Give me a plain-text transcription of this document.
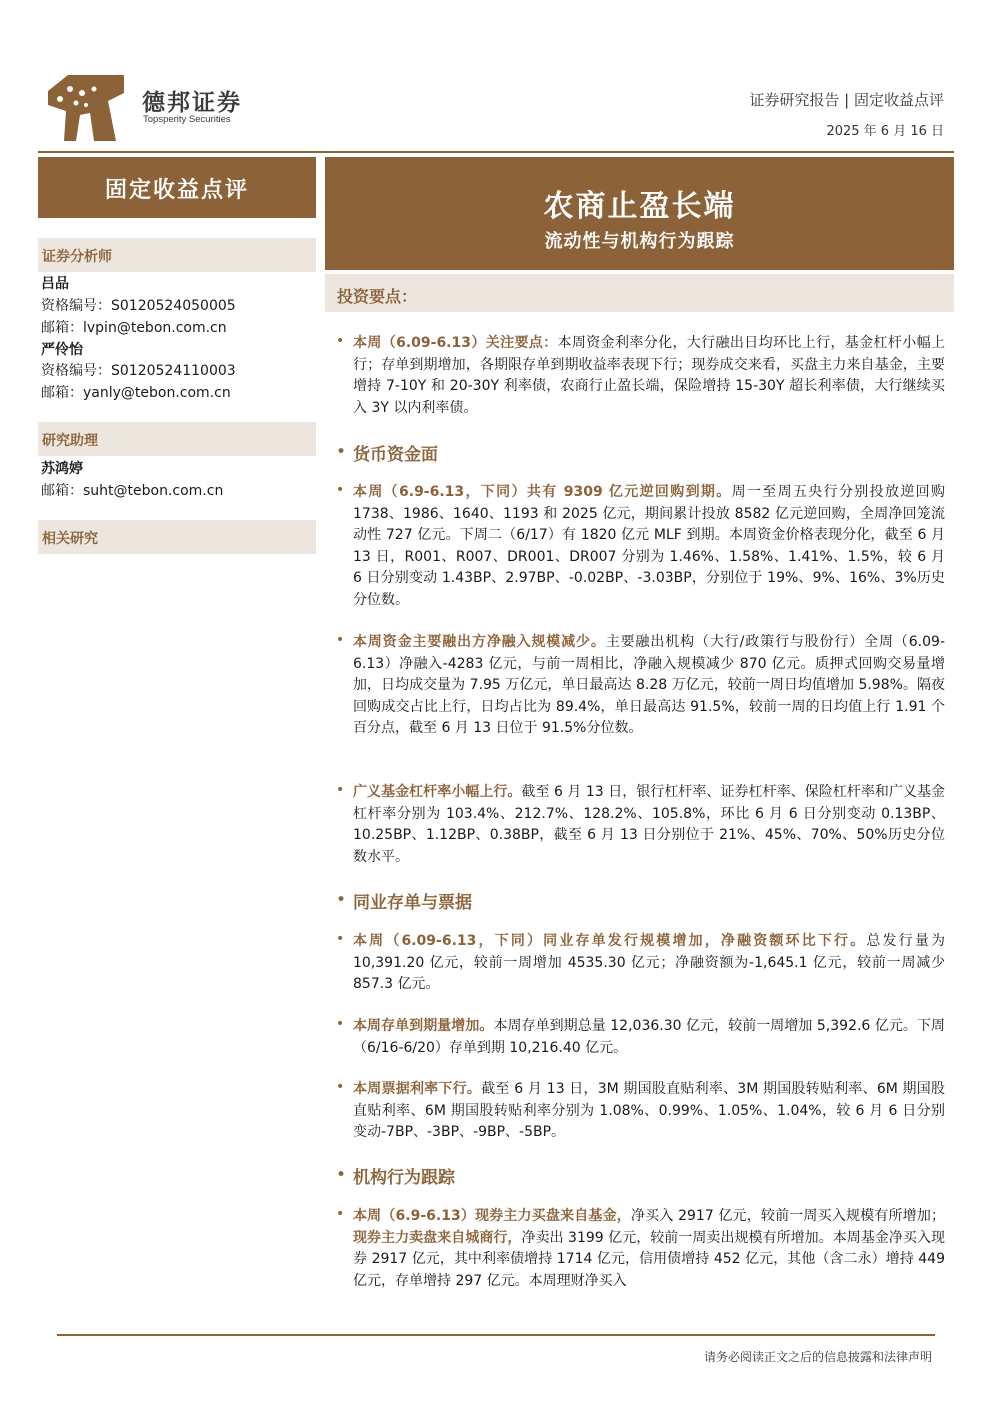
德邦证券
Topsperity Securities
证券研究报告 | 固定收益点评
2025 年 6 月 16 日
固定收益点评
证券分析师
吕品
资格编号：S0120524050005
邮箱：lvpin@tebon.com.cn
严伶怡
资格编号：S0120524110003
邮箱：yanly@tebon.com.cn
研究助理
苏鸿婷
邮箱：suht@tebon.com.cn
相关研究
农商止盈长端
流动性与机构行为跟踪
投资要点：
• 本周（6.09-6.13）关注要点：本周资金利率分化，大行融出日均环比上行，基金杠杆小幅上行；存单到期增加，各期限存单到期收益率表现下行；现券成交来看，买盘主力来自基金，主要增持 7-10Y 和 20-30Y 利率债，农商行止盈长端，保险增持 15-30Y 超长利率债，大行继续买入 3Y 以内利率债。
• 货币资金面
• 本周（6.9-6.13，下同）共有 9309 亿元逆回购到期。周一至周五央行分别投放逆回购 1738、1986、1640、1193 和 2025 亿元，期间累计投放 8582 亿元逆回购，全周净回笼流动性 727 亿元。下周二（6/17）有 1820 亿元 MLF 到期。本周资金价格表现分化，截至 6 月 13 日，R001、R007、DR001、DR007 分别为 1.46%、1.58%、1.41%、1.5%，较 6 月 6 日分别变动 1.43BP、2.97BP、-0.02BP、-3.03BP，分别位于 19%、9%、16%、3%历史分位数。
• 本周资金主要融出方净融入规模减少。主要融出机构（大行/政策行与股份行）全周（6.09-6.13）净融入-4283 亿元，与前一周相比，净融入规模减少 870 亿元。质押式回购交易量增加，日均成交量为 7.95 万亿元，单日最高达 8.28 万亿元，较前一周日均值增加 5.98%。隔夜回购成交占比上行，日均占比为 89.4%，单日最高达 91.5%，较前一周的日均值上行 1.91 个百分点，截至 6 月 13 日位于 91.5%分位数。
• 广义基金杠杆率小幅上行。截至 6 月 13 日，银行杠杆率、证券杠杆率、保险杠杆率和广义基金杠杆率分别为 103.4%、212.7%、128.2%、105.8%，环比 6 月 6 日分别变动 0.13BP、10.25BP、1.12BP、0.38BP，截至 6 月 13 日分别位于 21%、45%、70%、50%历史分位数水平。
• 同业存单与票据
• 本周（6.09-6.13，下同）同业存单发行规模增加，净融资额环比下行。总发行量为 10,391.20 亿元，较前一周增加 4535.30 亿元；净融资额为-1,645.1 亿元，较前一周减少 857.3 亿元。
• 本周存单到期量增加。本周存单到期总量 12,036.30 亿元，较前一周增加 5,392.6 亿元。下周（6/16-6/20）存单到期 10,216.40 亿元。
• 本周票据利率下行。截至 6 月 13 日，3M 期国股直贴利率、3M 期国股转贴利率、6M 期国股直贴利率、6M 期国股转贴利率分别为 1.08%、0.99%、1.05%、1.04%，较 6 月 6 日分别变动-7BP、-3BP、-9BP、-5BP。
• 机构行为跟踪
• 本周（6.9-6.13）现券主力买盘来自基金，净买入 2917 亿元，较前一周买入规模有所增加；现券主力卖盘来自城商行，净卖出 3199 亿元，较前一周卖出规模有所增加。本周基金净买入现券 2917 亿元，其中利率债增持 1714 亿元，信用债增持 452 亿元，其他（含二永）增持 449 亿元，存单增持 297 亿元。本周理财净买入
请务必阅读正文之后的信息披露和法律声明
